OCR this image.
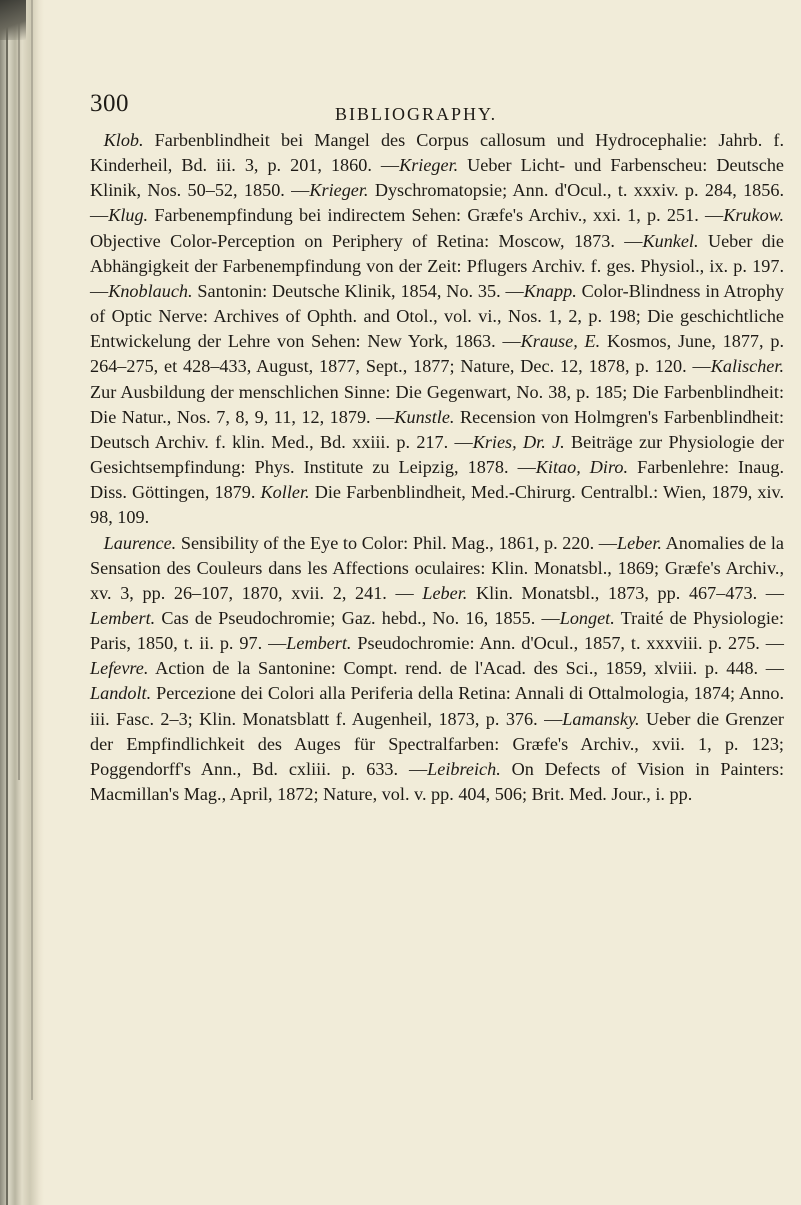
300	BIBLIOGRAPHY.

Klob. Farbenblindheit bei Mangel des Corpus callosum und Hydrocephalie: Jahrb. f. Kinderheil, Bd. iii. 3, p. 201, 1860. —Krieger. Ueber Licht- und Farbenscheu: Deutsche Klinik, Nos. 50–52, 1850. —Krieger. Dyschromatopsie; Ann. d'Ocul., t. xxxiv. p. 284, 1856. —Klug. Farbenempfindung bei indirectem Sehen: Græfe's Archiv., xxi. 1, p. 251. —Krukow. Objective Color-Perception on Periphery of Retina: Moscow, 1873. —Kunkel. Ueber die Abhängigkeit der Farbenempfindung von der Zeit: Pflugers Archiv. f. ges. Physiol., ix. p. 197. —Knoblauch. Santonin: Deutsche Klinik, 1854, No. 35. —Knapp. Color-Blindness in Atrophy of Optic Nerve: Archives of Ophth. and Otol., vol. vi., Nos. 1, 2, p. 198; Die geschichtliche Entwickelung der Lehre von Sehen: New York, 1863. —Krause, E. Kosmos, June, 1877, p. 264–275, et 428–433, August, 1877, Sept., 1877; Nature, Dec. 12, 1878, p. 120. —Kalischer. Zur Ausbildung der menschlichen Sinne: Die Gegenwart, No. 38, p. 185; Die Farbenblindheit: Die Natur., Nos. 7, 8, 9, 11, 12, 1879. —Kunstle. Recension von Holmgren's Farbenblindheit: Deutsch Archiv. f. klin. Med., Bd. xxiii. p. 217. —Kries, Dr. J. Beiträge zur Physiologie der Gesichtsempfindung: Phys. Institute zu Leipzig, 1878. —Kitao, Diro. Farbenlehre: Inaug. Diss. Göttingen, 1879. Koller. Die Farbenblindheit, Med.-Chirurg. Centralbl.: Wien, 1879, xiv. 98, 109.

Laurence. Sensibility of the Eye to Color: Phil. Mag., 1861, p. 220. —Leber. Anomalies de la Sensation des Couleurs dans les Affections oculaires: Klin. Monatsbl., 1869; Græfe's Archiv., xv. 3, pp. 26–107, 1870, xvii. 2, 241. — Leber. Klin. Monatsbl., 1873, pp. 467–473. —Lembert. Cas de Pseudochromie; Gaz. hebd., No. 16, 1855. —Longet. Traité de Physiologie: Paris, 1850, t. ii. p. 97. —Lembert. Pseudochromie: Ann. d'Ocul., 1857, t. xxxviii. p. 275. — Lefevre. Action de la Santonine: Compt. rend. de l'Acad. des Sci., 1859, xlviii. p. 448. —Landolt. Percezione dei Colori alla Periferia della Retina: Annali di Ottalmologia, 1874; Anno. iii. Fasc. 2–3; Klin. Monatsblatt f. Augenheil, 1873, p. 376. —Lamansky. Ueber die Grenzer der Empfindlichkeit des Auges für Spectralfarben: Græfe's Archiv., xvii. 1, p. 123; Poggendorff's Ann., Bd. cxliii. p. 633. —Leibreich. On Defects of Vision in Painters: Macmillan's Mag., April, 1872; Nature, vol. v. pp. 404, 506; Brit. Med. Jour., i. pp.
